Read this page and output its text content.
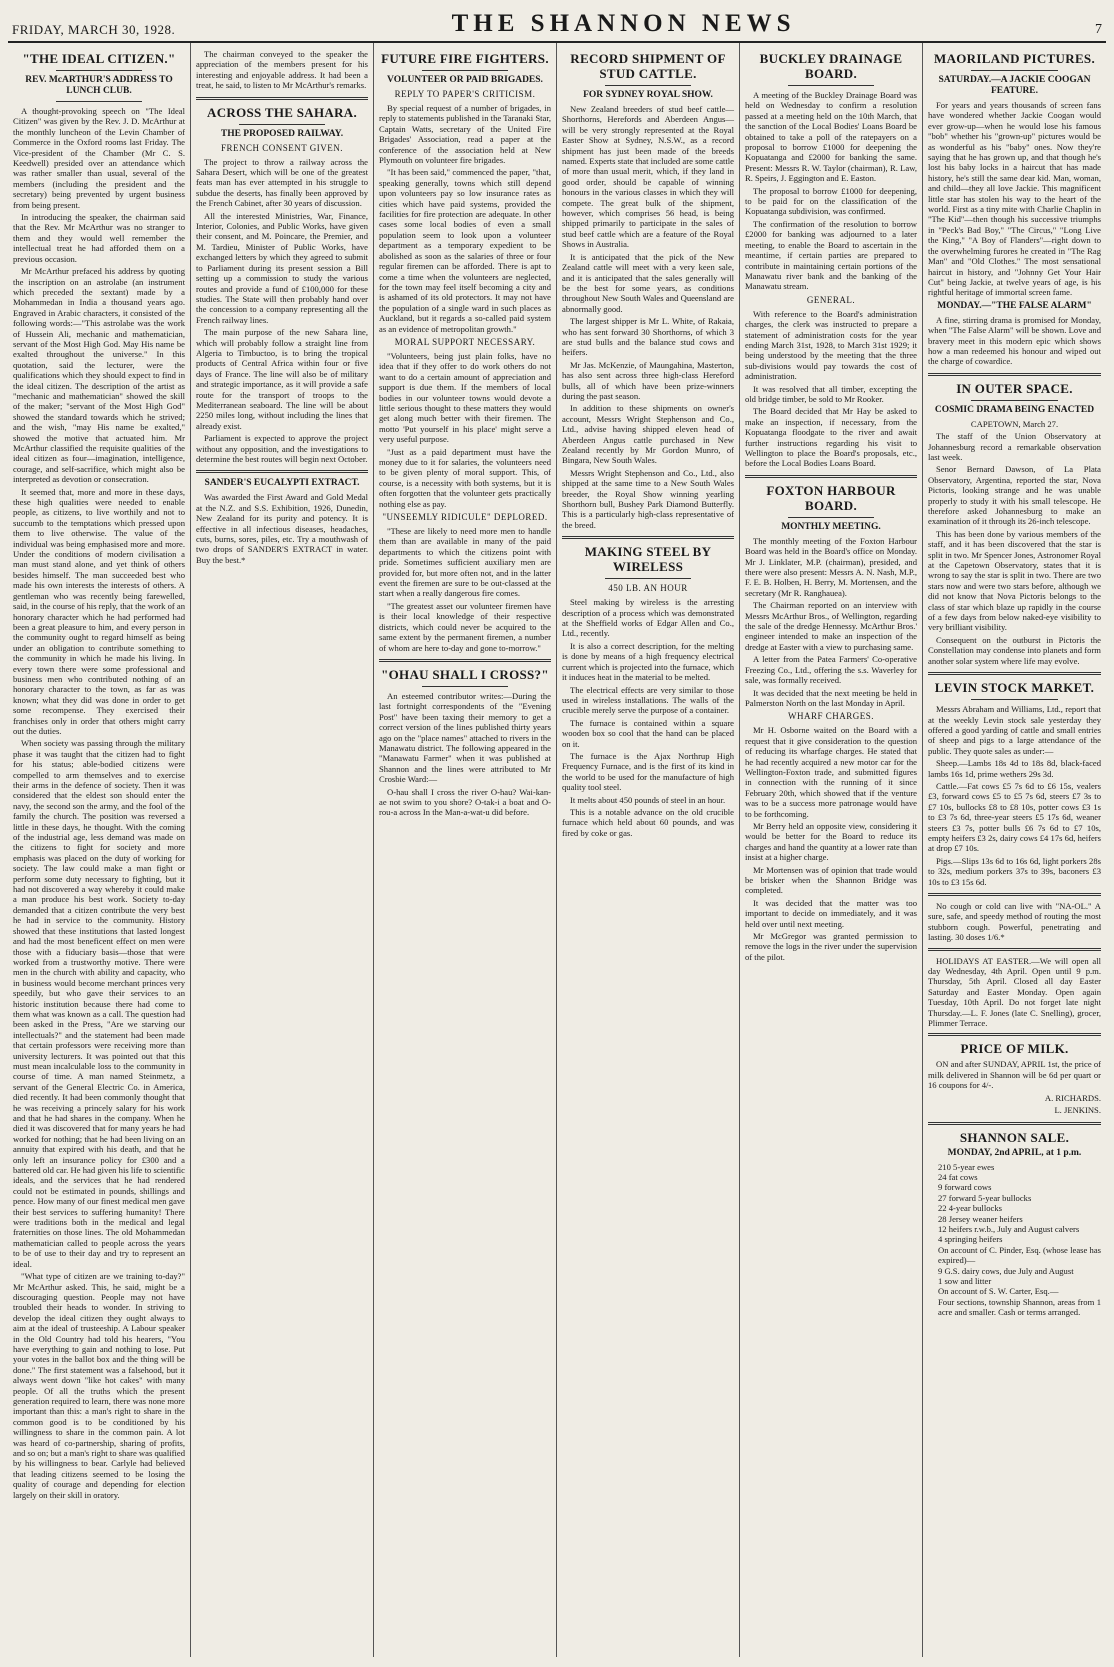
FRIDAY, MARCH 30, 1928.	THE SHANNON NEWS	7
"THE IDEAL CITIZEN."
REV. McARTHUR'S ADDRESS TO LUNCH CLUB.

A thought-provoking speech on "The Ideal Citizen" was given by the Rev. J. D. McArthur at the monthly luncheon of the Levin Chamber of Commerce in the Oxford rooms last Friday. The Vice-president of the Chamber (Mr C. S. Keedwell) presided over an attendance which was rather smaller than usual, several of the members (including the president and the secretary) being prevented by urgent business from being present.

In introducing the speaker, the chairman said that the Rev. Mr McArthur was no stranger to them and they would well remember the intellectual treat he had afforded them on a previous occasion.

Mr McArthur prefaced his address by quoting the inscription on an astrolabe (an instrument which preceded the sextant) made by a Mohammedan in India a thousand years ago. Engraved in Arabic characters, it consisted of the following words:—"This astrolabe was the work of Hussein Ali, mechanic and mathematician, servant of the Most High God. May His name be exalted throughout the universe." In this quotation, said the lecturer, were the qualifications which they should expect to find in the ideal citizen. The description of the artist as "mechanic and mathematician" showed the skill of the maker; "servant of the Most High God" showed the standard towards which he strived; and the wish, "may His name be exalted," showed the motive that actuated him. Mr McArthur classified the requisite qualities of the ideal citizen as four—imagination, intelligence, courage, and self-sacrifice, which might also be interpreted as devotion or consecration.

It seemed that, more and more in these days, these high qualities were needed to enable people, as citizens, to live worthily and not to succumb to the temptations which pressed upon them to live otherwise. The value of the individual was being emphasised more and more. Under the conditions of modern civilisation a man must stand alone, and yet think of others besides himself. The man succeeded best who made his own interests the interests of others. A gentleman who was recently being farewelled, said, in the course of his reply, that the work of an honorary character which he had performed had been a great pleasure to him, and every person in the community ought to regard himself as being under an obligation to contribute something to the community in which he made his living. In every town there were some professional and business men who contributed nothing of an honorary character to the town, as far as was known; what they did was done in order to get some recompense. They exercised their franchises only in order that others might carry out the duties.

When society was passing through the military phase it was taught that the citizen had to fight for his status; able-bodied citizens were compelled to arm themselves and to exercise their arms in the defence of society. Then it was considered that the eldest son should enter the navy, the second son the army, and the fool of the family the church. The position was reversed a little in these days, he thought. With the coming of the industrial age, less demand was made on the citizens to fight for society and more emphasis was placed on the duty of working for society. The law could make a man fight or perform some duty necessary to fighting, but it had not discovered a way whereby it could make a man produce his best work. Society to-day demanded that a citizen contribute the very best he had in service to the community. History showed that these institutions that lasted longest and had the most beneficent effect on men were those with a fiduciary basis—those that were worked from a trustworthy motive. There were men in the church with ability and capacity, who in business would become merchant princes very speedily, but who gave their services to an historic institution because there had come to them what was known as a call. The question had been asked in the Press, "Are we starving our intellectuals?" and the statement had been made that certain professors were receiving more than university lecturers. It was pointed out that this must mean incalculable loss to the community in course of time. A man named Steinmetz, a servant of the General Electric Co. in America, died recently. It had been commonly thought that he was receiving a princely salary for his work and that he had shares in the company. When he died it was discovered that for many years he had worked for nothing; that he had been living on an annuity that expired with his death, and that he only left an insurance policy for £300 and a battered old car. He had given his life to scientific ideals, and the services that he had rendered could not be estimated in pounds, shillings and pence. How many of our finest medical men gave their best services to suffering humanity! There were traditions both in the medical and legal fraternities on those lines. The old Mohammedan mathematician called to people across the years to be of use to their day and try to represent an ideal.

"What type of citizen are we training to-day?" Mr McArthur asked. This, he said, might be a discouraging question. People may not have troubled their heads to wonder. In striving to develop the ideal citizen they ought always to aim at the ideal of trusteeship. A Labour speaker in the Old Country had told his hearers, "You have everything to gain and nothing to lose. Put your votes in the ballot box and the thing will be done." The first statement was a falsehood, but it always went down "like hot cakes" with many people. Of all the truths which the present generation required to learn, there was none more important than this: a man's right to share in the common good is to be conditioned by his willingness to share in the common pain. A lot was heard of co-partnership, sharing of profits, and so on; but a man's right to share was qualified by his willingness to bear. Carlyle had believed that leading citizens seemed to be losing the quality of courage and depending for election largely on their skill in oratory.

The chairman conveyed to the speaker the appreciation of the members present for his interesting and enjoyable address. It had been a treat, he said, to listen to Mr McArthur's remarks.

ACROSS THE SAHARA.
THE PROPOSED RAILWAY.
FRENCH CONSENT GIVEN.

The project to throw a railway across the Sahara Desert, which will be one of the greatest feats man has ever attempted in his struggle to subdue the deserts, has finally been approved by the French Cabinet, after 30 years of discussion.

All the interested Ministries, War, Finance, Interior, Colonies, and Public Works, have given their consent, and M. Poincare, the Premier, and M. Tardieu, Minister of Public Works, have exchanged letters by which they agreed to submit to Parliament during its present session a Bill setting up a commission to study the various routes and provide a fund of £100,000 for these studies. The State will then probably hand over the concession to a company representing all the French railway lines.

The main purpose of the new Sahara line, which will probably follow a straight line from Algeria to Timbuctoo, is to bring the tropical products of Central Africa within four or five days of France. The line will also be of military and strategic importance, as it will provide a safe route for the transport of troops to the Mediterranean seaboard. The line will be about 2250 miles long, without including the lines that already exist.

Parliament is expected to approve the project without any opposition, and the investigations to determine the best routes will begin next October.

SANDER'S EUCALYPTI EXTRACT.

Was awarded the First Award and Gold Medal at the N.Z. and S.S. Exhibition, 1926, Dunedin, New Zealand for its purity and potency. It is effective in all infectious diseases, headaches, cuts, burns, sores, piles, etc. Try a mouthwash of two drops of SANDER'S EXTRACT in water. Buy the best.*

FUTURE FIRE FIGHTERS.
VOLUNTEER OR PAID BRIGADES.
REPLY TO PAPER'S CRITICISM.

By special request of a number of brigades, in reply to statements published in the Taranaki Star, Captain Watts, secretary of the United Fire Brigades' Association, read a paper at the conference of the association held at New Plymouth on volunteer fire brigades.

"It has been said," commenced the paper, "that, speaking generally, towns which still depend upon volunteers pay so low insurance rates as cities which have paid systems, provided the facilities for fire protection are adequate. In other cases some local bodies of even a small population seem to look upon a volunteer department as a temporary expedient to be abolished as soon as the salaries of three or four regular firemen can be afforded. There is apt to come a time when the volunteers are neglected, for the town may feel itself becoming a city and is ashamed of its old protectors. It may not have the population of a single ward in such places as Auckland, but it regards a so-called paid system as an evidence of metropolitan growth."

MORAL SUPPORT NECESSARY.

"Volunteers, being just plain folks, have no idea that if they offer to do work others do not want to do a certain amount of appreciation and support is due them. If the members of local bodies in our volunteer towns would devote a little serious thought to these matters they would get along much better with their firemen. The motto 'Put yourself in his place' might serve a very useful purpose.

"Just as a paid department must have the money due to it for salaries, the volunteers need to be given plenty of moral support. This, of course, is a necessity with both systems, but it is often forgotten that the volunteer gets practically nothing else as pay.

"UNSEEMLY RIDICULE" DEPLORED.

"These are likely to need more men to handle them than are available in many of the paid departments to which the citizens point with pride. Sometimes sufficient auxiliary men are provided for, but more often not, and in the latter event the firemen are sure to be out-classed at the start when a really dangerous fire comes.

"The greatest asset our volunteer firemen have is their local knowledge of their respective districts, which could never be acquired to the same extent by the permanent firemen, a number of whom are here to-day and gone to-morrow."

"OHAU SHALL I CROSS?"

An esteemed contributor writes:—During the last fortnight correspondents of the "Evening Post" have been taxing their memory to get a correct version of the lines published thirty years ago on the "place names" attached to rivers in the Manawatu district. The following appeared in the "Manawatu Farmer" when it was published at Shannon and the lines were attributed to Mr Crosbie Ward:—

O-hau shall I cross the river O-hau? Wai-kan-ae not swim to you shore? O-tak-i a boat and O-rou-a across In the Man-a-wat-u did before.

RECORD SHIPMENT OF STUD CATTLE.
FOR SYDNEY ROYAL SHOW.

New Zealand breeders of stud beef cattle—Shorthorns, Herefords and Aberdeen Angus—will be very strongly represented at the Royal Easter Show at Sydney, N.S.W., as a record shipment has just been made of the breeds named. Experts state that included are some cattle of more than usual merit, which, if they land in good order, should be capable of winning honours in the various classes in which they will compete. The great bulk of the shipment, however, which comprises 56 head, is being shipped primarily to participate in the sales of stud beef cattle which are a feature of the Royal Shows in Australia.

It is anticipated that the pick of the New Zealand cattle will meet with a very keen sale, and it is anticipated that the sales generally will be the best for some years, as conditions throughout New South Wales and Queensland are abnormally good.

The largest shipper is Mr L. White, of Rakaia, who has sent forward 30 Shorthorns, of which 3 are stud bulls and the balance stud cows and heifers.

Mr Jas. McKenzie, of Maungahina, Masterton, has also sent across three high-class Hereford bulls, all of which have been prize-winners during the past season.

In addition to these shipments on owner's account, Messrs Wright Stephenson and Co., Ltd., advise having shipped eleven head of Aberdeen Angus cattle purchased in New Zealand recently by Mr Gordon Munro, of Bingara, New South Wales.

Messrs Wright Stephenson and Co., Ltd., also shipped at the same time to a New South Wales breeder, the Royal Show winning yearling Shorthorn bull, Bushey Park Diamond Butterfly. This is a particularly high-class representative of the breed.

MAKING STEEL BY WIRELESS
450 LB. AN HOUR

Steel making by wireless is the arresting description of a process which was demonstrated at the Sheffield works of Edgar Allen and Co., Ltd., recently.

It is also a correct description, for the melting is done by means of a high frequency electrical current which is projected into the furnace, which it induces heat in the material to be melted.

The electrical effects are very similar to those used in wireless installations. The walls of the crucible merely serve the purpose of a container.

The furnace is contained within a square wooden box so cool that the hand can be placed on it.

The furnace is the Ajax Northrup High Frequency Furnace, and is the first of its kind in the world to be used for the manufacture of high quality tool steel.

It melts about 450 pounds of steel in an hour.

This is a notable advance on the old crucible furnace which held about 60 pounds, and was fired by coke or gas.

BUCKLEY DRAINAGE BOARD.

A meeting of the Buckley Drainage Board was held on Wednesday to confirm a resolution passed at a meeting held on the 10th March, that the sanction of the Local Bodies' Loans Board be obtained to take a poll of the ratepayers on a proposal to borrow £1000 for deepening the Kopuatanga and £2000 for banking the same. Present: Messrs R. W. Taylor (chairman), R. Law, R. Speirs, J. Eggington and E. Easton.

The proposal to borrow £1000 for deepening, to be paid for on the classification of the Kopuatanga subdivision, was confirmed.

The confirmation of the resolution to borrow £2000 for banking was adjourned to a later meeting, to enable the Board to ascertain in the meantime, if certain parties are prepared to contribute in maintaining certain portions of the Manawatu river bank and the banking of the Manawatu stream.

GENERAL.

With reference to the Board's administration charges, the clerk was instructed to prepare a statement of administration costs for the year ending March 31st, 1928, to March 31st 1929; it being understood by the meeting that the three sub-divisions would pay towards the cost of administration.

It was resolved that all timber, excepting the old bridge timber, be sold to Mr Rooker.

The Board decided that Mr Hay be asked to make an inspection, if necessary, from the Kopuatanga floodgate to the river and await further instructions regarding his visit to Wellington to place the Board's proposals, etc., before the Local Bodies Loans Board.

FOXTON HARBOUR BOARD.
MONTHLY MEETING.

The monthly meeting of the Foxton Harbour Board was held in the Board's office on Monday. Mr J. Linklater, M.P. (chairman), presided, and there were also present: Messrs A. N. Nash, M.P., F. E. B. Holben, H. Berry, M. Mortensen, and the secretary (Mr R. Ranghauea).

The Chairman reported on an interview with Messrs McArthur Bros., of Wellington, regarding the sale of the dredge Hennessy. McArthur Bros.' engineer intended to make an inspection of the dredge at Easter with a view to purchasing same.

A letter from the Patea Farmers' Co-operative Freezing Co., Ltd., offering the s.s. Waverley for sale, was formally received.

It was decided that the next meeting be held in Palmerston North on the last Monday in April.

WHARF CHARGES.

Mr H. Osborne waited on the Board with a request that it give consideration to the question of reducing its wharfage charges. He stated that he had recently acquired a new motor car for the Wellington-Foxton trade, and submitted figures in connection with the running of it since February 20th, which showed that if the venture was to be a success more patronage would have to be forthcoming.

Mr Berry held an opposite view, considering it would be better for the Board to reduce its charges and hand the quantity at a lower rate than insist at a higher charge.

Mr Mortensen was of opinion that trade would be brisker when the Shannon Bridge was completed.

It was decided that the matter was too important to decide on immediately, and it was held over until next meeting.

Mr McGregor was granted permission to remove the logs in the river under the supervision of the pilot.

MAORILAND PICTURES.
SATURDAY.—A JACKIE COOGAN FEATURE.

For years and years thousands of screen fans have wondered whether Jackie Coogan would ever grow-up—when he would lose his famous "bob" whether his "grown-up" pictures would be as wonderful as his "baby" ones. Now they're saying that he has grown up, and that though he's lost his baby locks in a haircut that has made history, he's still the same dear kid. Man, woman, and child—they all love Jackie. This magnificent little star has stolen his way to the heart of the world. First as a tiny mite with Charlie Chaplin in "The Kid"—then though his successive triumphs in "Peck's Bad Boy," "The Circus," "Long Live the King," "A Boy of Flanders"—right down to the overwhelming furores he created in "The Rag Man" and "Old Clothes." The most sensational haircut in history, and "Johnny Get Your Hair Cut" being Jackie, at twelve years of age, is his rightful heritage of immortal screen fame.

MONDAY.—"THE FALSE ALARM"

A fine, stirring drama is promised for Monday, when "The False Alarm" will be shown. Love and bravery meet in this modern epic which shows how a man redeemed his honour and wiped out the charge of cowardice.

IN OUTER SPACE.
COSMIC DRAMA BEING ENACTED

CAPETOWN, March 27.

The staff of the Union Observatory at Johannesburg record a remarkable observation last week.

Senor Bernard Dawson, of La Plata Observatory, Argentina, reported the star, Nova Pictoris, looking strange and he was unable properly to study it with his small telescope. He therefore asked Johannesburg to make an examination of it through its 26-inch telescope.

This has been done by various members of the staff, and it has been discovered that the star is split in two. Mr Spencer Jones, Astronomer Royal at the Capetown Observatory, states that it is wrong to say the star is split in two. There are two stars now and were two stars before, although we did not know that Nova Pictoris belongs to the class of star which blaze up rapidly in the course of a few days from below naked-eye visibility to very brilliant visibility.

Consequent on the outburst in Pictoris the Constellation may condense into planets and form another solar system where life may evolve.

LEVIN STOCK MARKET.

Messrs Abraham and Williams, Ltd., report that at the weekly Levin stock sale yesterday they offered a good yarding of cattle and small entries of sheep and pigs to a large attendance of the public. They quote sales as under:—

Sheep.—Lambs 18s 4d to 18s 8d, black-faced lambs 16s 1d, prime wethers 29s 3d.

Cattle.—Fat cows £5 7s 6d to £6 15s, vealers £3, forward cows £5 to £5 7s 6d, steers £7 3s to £7 10s, bullocks £8 to £8 10s, potter cows £3 1s to £3 7s 6d, three-year steers £5 17s 6d, weaner steers £3 7s, potter bulls £6 7s 6d to £7 10s, empty heifers £3 2s, dairy cows £4 17s 6d, heifers at drop £7 10s.

Pigs.—Slips 13s 6d to 16s 6d, light porkers 28s to 32s, medium porkers 37s to 39s, baconers £3 10s to £3 15s 6d.

No cough or cold can live with "NA-OL." A sure, safe, and speedy method of routing the most stubborn cough. Powerful, penetrating and lasting. 30 doses 1/6.*

HOLIDAYS AT EASTER.—We will open all day Wednesday, 4th April. Open until 9 p.m. Thursday, 5th April. Closed all day Easter Saturday and Easter Monday. Open again Tuesday, 10th April. Do not forget late night Thursday.—L. F. Jones (late C. Snelling), grocer, Plimmer Terrace.

PRICE OF MILK.

ON and after SUNDAY, APRIL 1st, the price of milk delivered in Shannon will be 6d per quart or 16 coupons for 4/-.

A. RICHARDS.

L. JENKINS.

SHANNON SALE.
MONDAY, 2nd APRIL, at 1 p.m.
210 5-year ewes
24 fat cows
9 forward cows
27 forward 5-year bullocks
22 4-year bullocks
28 Jersey weaner heifers
12 heifers r.w.b., July and August calvers
4 springing heifers
On account of C. Pinder, Esq. (whose lease has expired)—
9 G.S. dairy cows, due July and August
1 sow and litter
On account of S. W. Carter, Esq.—
Four sections, township Shannon, areas from 1 acre and smaller. Cash or terms arranged.
